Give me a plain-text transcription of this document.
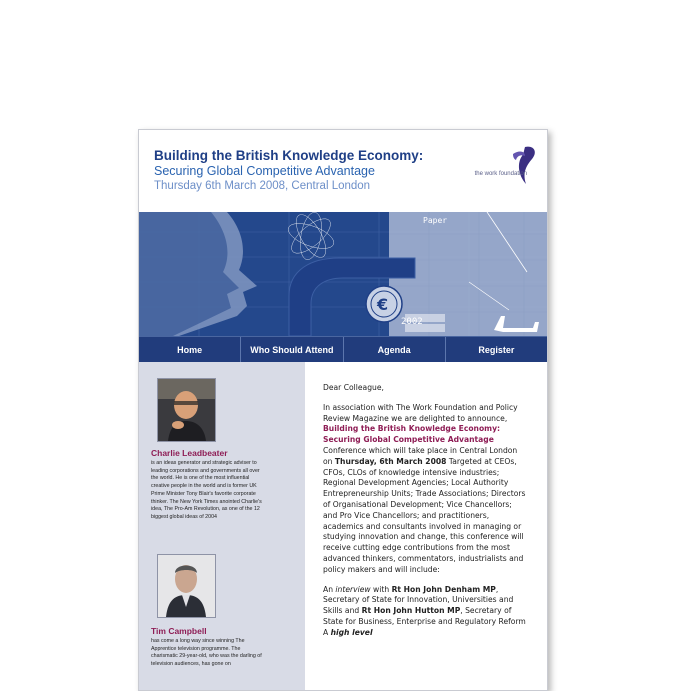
Building the British Knowledge Economy:
Securing Global Competitive Advantage
Thursday 6th March 2008, Central London
the work foundation
€
Paper
2002
Home	Who Should Attend	Agenda	Register
Charlie Leadbeater
is an ideas generator and strategic adviser to leading corporations and governments all over the world. He is one of the most influential creative people in the world and is former UK Prime Minister Tony Blair's favorite corporate thinker. The New York Times anointed Charlie's idea, The Pro-Am Revolution, as one of the 12 biggest global ideas of 2004
Tim Campbell
has come a long way since winning The Apprentice television programme. The charismatic 29-year-old, who was the darling of television audiences, has gone on

Dear Colleague,

In association with The Work Foundation and Policy Review Magazine we are delighted to announce, Building the British Knowledge Economy: Securing Global Competitive Advantage Conference which will take place in Central London on Thursday, 6th March 2008 Targeted at CEOs, CFOs, CLOs of knowledge intensive industries; Regional Development Agencies; Local Authority Entrepreneurship Units; Trade Associations; Directors of Organisational Development; Vice Chancellors; and Pro Vice Chancellors; and practitioners, academics and consultants involved in managing or studying innovation and change, this conference will receive cutting edge contributions from the most advanced thinkers, commentators, industrialists and policy makers and will include:

An interview with Rt Hon John Denham MP, Secretary of State for Innovation, Universities and Skills and Rt Hon John Hutton MP, Secretary of State for Business, Enterprise and Regulatory Reform A high level
